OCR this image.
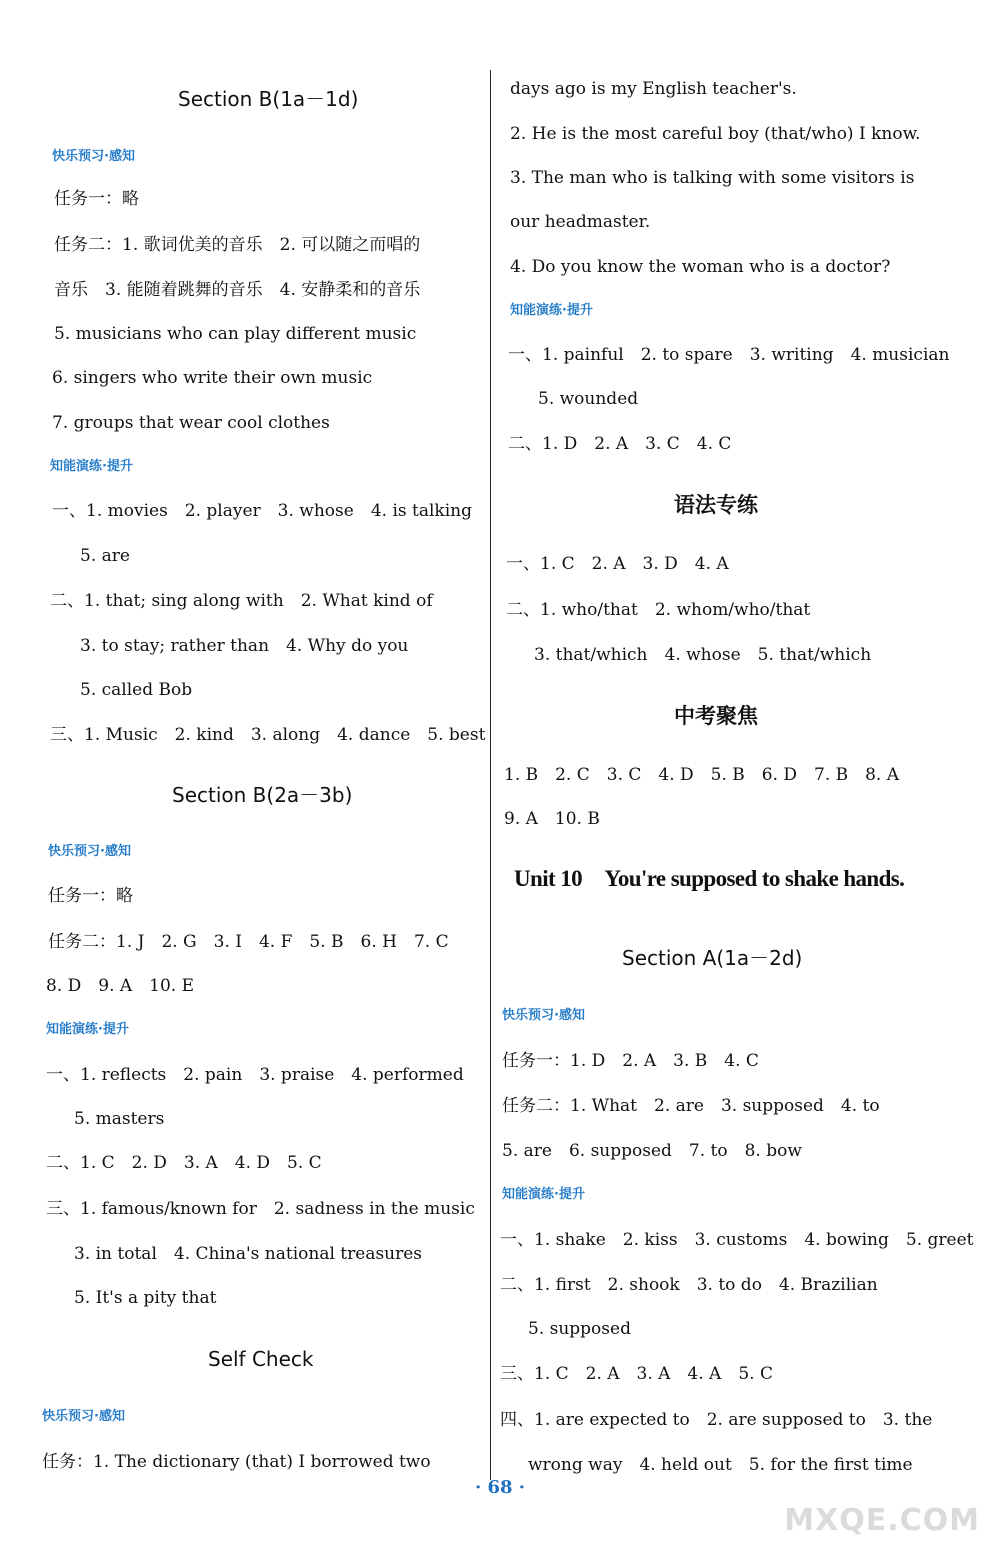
Section B(1a－1d)
快乐预习·感知
任务一：略
任务二：1. 歌词优美的音乐　2. 可以随之而唱的
音乐　3. 能随着跳舞的音乐　4. 安静柔和的音乐
5. musicians who can play different music
6. singers who write their own music
7. groups that wear cool clothes
知能演练·提升
一、1. movies　2. player　3. whose　4. is talking
5. are
二、1. that; sing along with　2. What kind of
3. to stay; rather than　4. Why do you
5. called Bob
三、1. Music　2. kind　3. along　4. dance　5. best
Section B(2a－3b)
快乐预习·感知
任务一：略
任务二：1. J　2. G　3. I　4. F　5. B　6. H　7. C
8. D　9. A　10. E
知能演练·提升
一、1. reflects　2. pain　3. praise　4. performed
5. masters
二、1. C　2. D　3. A　4. D　5. C
三、1. famous/known for　2. sadness in the music
3. in total　4. China's national treasures
5. It's a pity that
Self Check
快乐预习·感知
任务：1. The dictionary (that) I borrowed two
days ago is my English teacher's.
2. He is the most careful boy (that/who) I know.
3. The man who is talking with some visitors is
our headmaster.
4. Do you know the woman who is a doctor?
知能演练·提升
一、1. painful　2. to spare　3. writing　4. musician
5. wounded
二、1. D　2. A　3. C　4. C
语法专练
一、1. C　2. A　3. D　4. A
二、1. who/that　2. whom/who/that
3. that/which　4. whose　5. that/which
中考聚焦
1. B　2. C　3. C　4. D　5. B　6. D　7. B　8. A
9. A　10. B
Unit 10　You're supposed to shake hands.
Section A(1a－2d)
快乐预习·感知
任务一：1. D　2. A　3. B　4. C
任务二：1. What　2. are　3. supposed　4. to
5. are　6. supposed　7. to　8. bow
知能演练·提升
一、1. shake　2. kiss　3. customs　4. bowing　5. greet
二、1. first　2. shook　3. to do　4. Brazilian
5. supposed
三、1. C　2. A　3. A　4. A　5. C
四、1. are expected to　2. are supposed to　3. the
wrong way　4. held out　5. for the first time
· 68 ·
MXQE.COM
